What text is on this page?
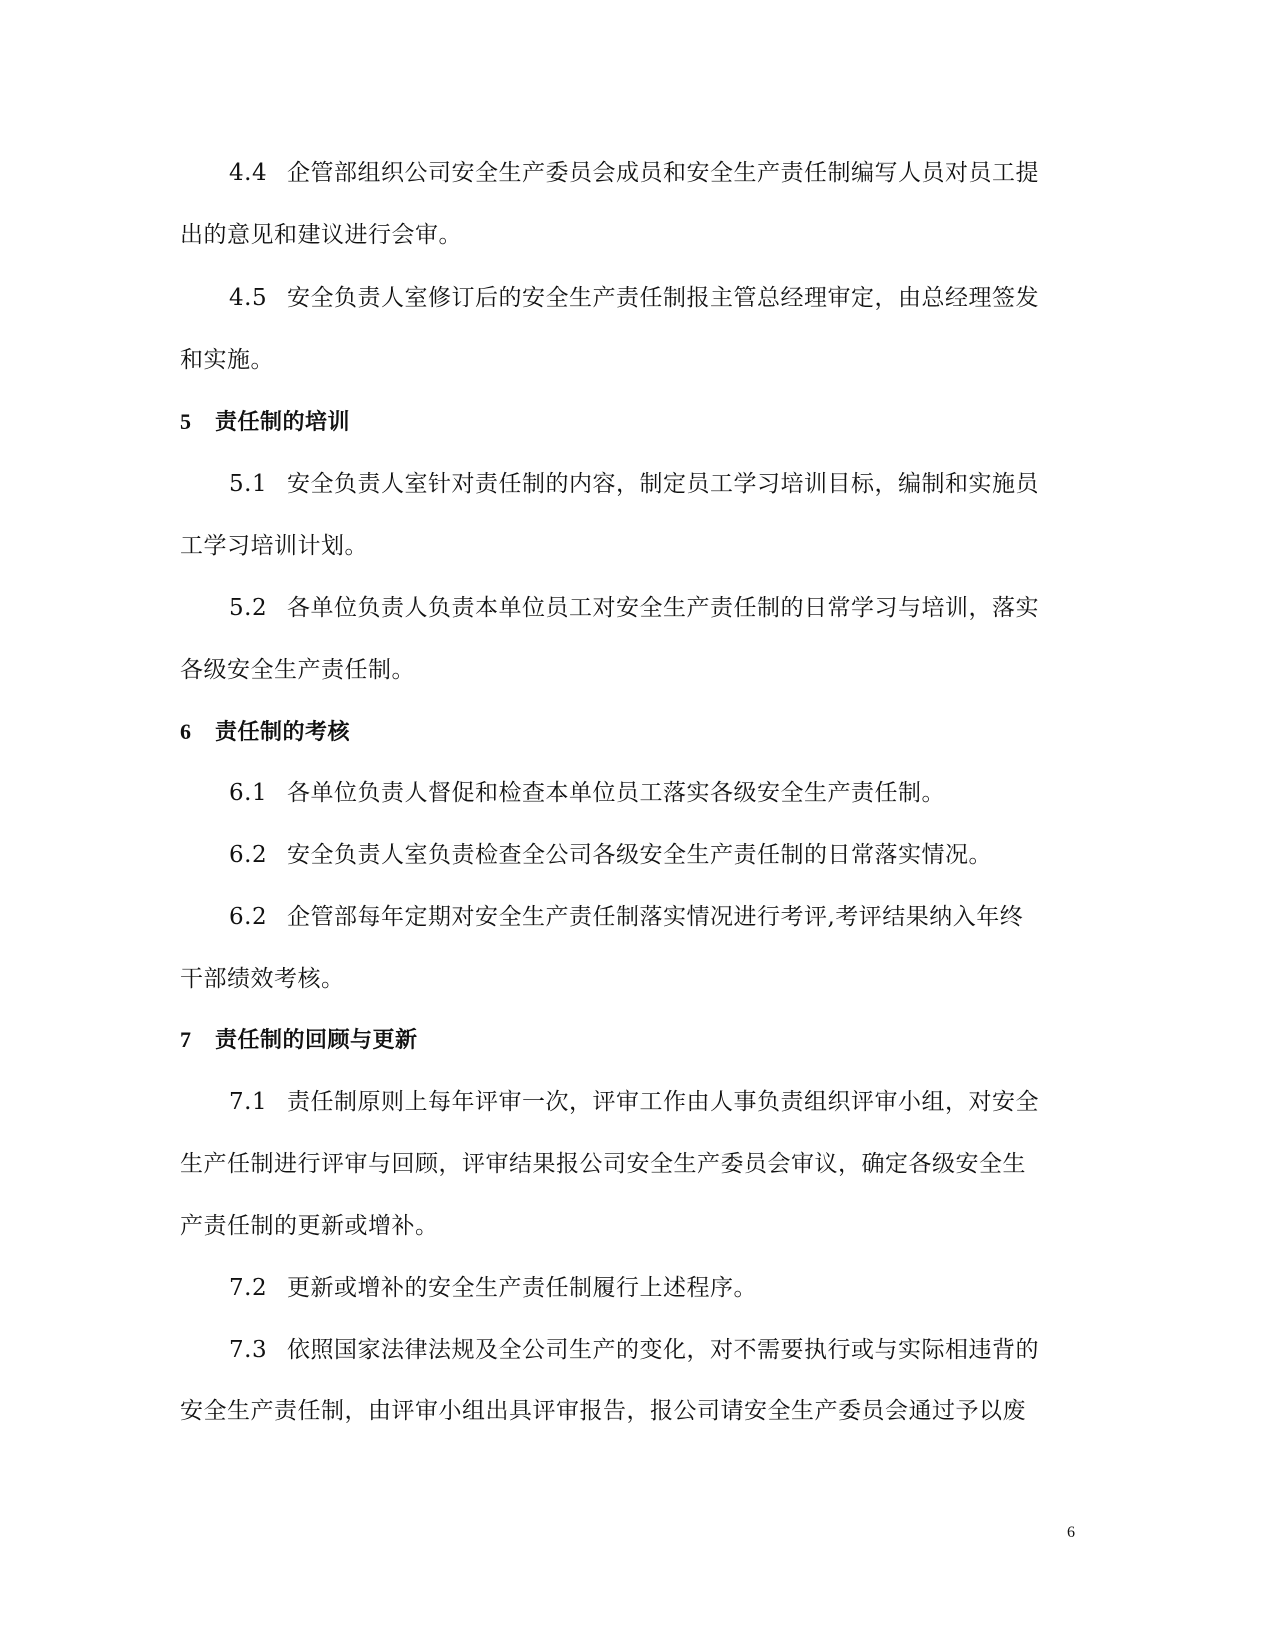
4.4 企管部组织公司安全生产委员会成员和安全生产责任制编写人员对员工提
出的意见和建议进行会审。
4.5 安全负责人室修订后的安全生产责任制报主管总经理审定，由总经理签发
和实施。
5 责任制的培训
5.1 安全负责人室针对责任制的内容，制定员工学习培训目标，编制和实施员
工学习培训计划。
5.2 各单位负责人负责本单位员工对安全生产责任制的日常学习与培训，落实
各级安全生产责任制。
6 责任制的考核
6.1 各单位负责人督促和检查本单位员工落实各级安全生产责任制。
6.2 安全负责人室负责检查全公司各级安全生产责任制的日常落实情况。
6.2 企管部每年定期对安全生产责任制落实情况进行考评,考评结果纳入年终
干部绩效考核。
7 责任制的回顾与更新
7.1 责任制原则上每年评审一次，评审工作由人事负责组织评审小组，对安全
生产任制进行评审与回顾，评审结果报公司安全生产委员会审议，确定各级安全生
产责任制的更新或增补。
7.2 更新或增补的安全生产责任制履行上述程序。
7.3 依照国家法律法规及全公司生产的变化，对不需要执行或与实际相违背的
安全生产责任制，由评审小组出具评审报告，报公司请安全生产委员会通过予以废
6
